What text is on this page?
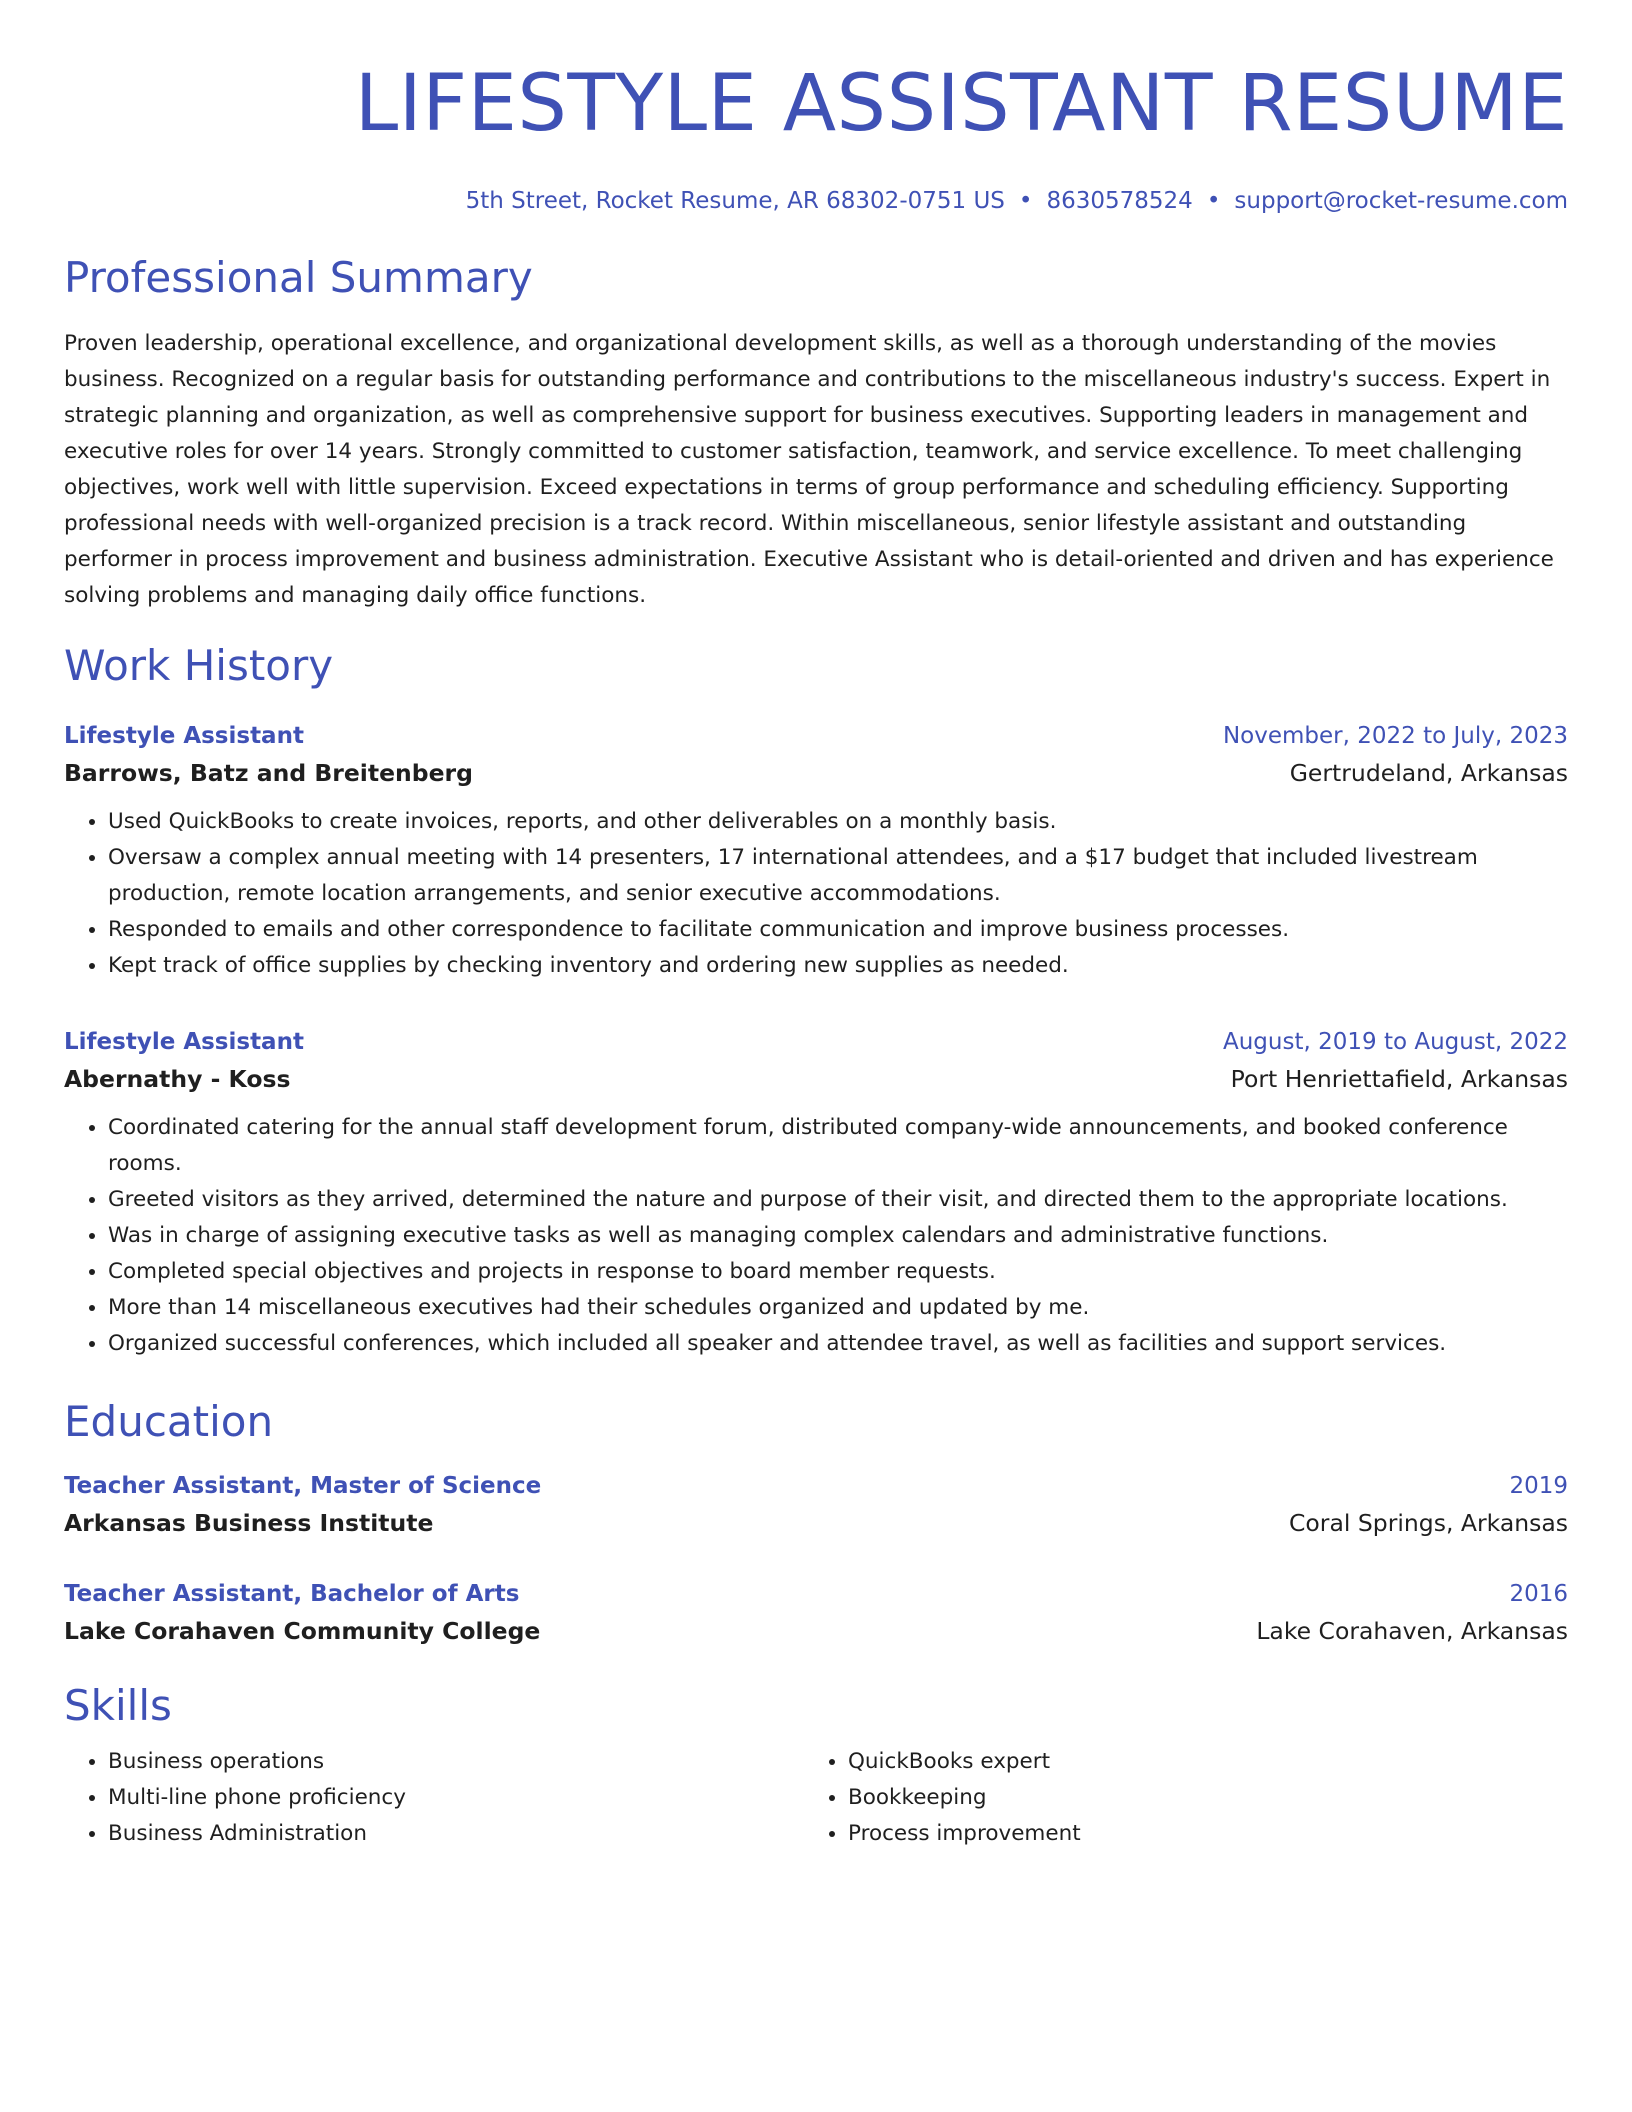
LIFESTYLE ASSISTANT RESUME
5th Street, Rocket Resume, AR 68302-0751 US • 8630578524 • support@rocket-resume.com
Professional Summary
Proven leadership, operational excellence, and organizational development skills, as well as a thorough understanding of the movies business. Recognized on a regular basis for outstanding performance and contributions to the miscellaneous industry's success. Expert in strategic planning and organization, as well as comprehensive support for business executives. Supporting leaders in management and executive roles for over 14 years. Strongly committed to customer satisfaction, teamwork, and service excellence. To meet challenging objectives, work well with little supervision. Exceed expectations in terms of group performance and scheduling efficiency. Supporting professional needs with well-organized precision is a track record. Within miscellaneous, senior lifestyle assistant and outstanding performer in process improvement and business administration. Executive Assistant who is detail-oriented and driven and has experience solving problems and managing daily office functions.
Work History
Lifestyle Assistant	November, 2022 to July, 2023
Barrows, Batz and Breitenberg	Gertrudeland, Arkansas
• Used QuickBooks to create invoices, reports, and other deliverables on a monthly basis.
• Oversaw a complex annual meeting with 14 presenters, 17 international attendees, and a $17 budget that included livestream production, remote location arrangements, and senior executive accommodations.
• Responded to emails and other correspondence to facilitate communication and improve business processes.
• Kept track of office supplies by checking inventory and ordering new supplies as needed.
Lifestyle Assistant	August, 2019 to August, 2022
Abernathy - Koss	Port Henriettafield, Arkansas
• Coordinated catering for the annual staff development forum, distributed company-wide announcements, and booked conference rooms.
• Greeted visitors as they arrived, determined the nature and purpose of their visit, and directed them to the appropriate locations.
• Was in charge of assigning executive tasks as well as managing complex calendars and administrative functions.
• Completed special objectives and projects in response to board member requests.
• More than 14 miscellaneous executives had their schedules organized and updated by me.
• Organized successful conferences, which included all speaker and attendee travel, as well as facilities and support services.
Education
Teacher Assistant, Master of Science	2019
Arkansas Business Institute	Coral Springs, Arkansas
Teacher Assistant, Bachelor of Arts	2016
Lake Corahaven Community College	Lake Corahaven, Arkansas
Skills
• Business operations
• Multi-line phone proficiency
• Business Administration
• QuickBooks expert
• Bookkeeping
• Process improvement
